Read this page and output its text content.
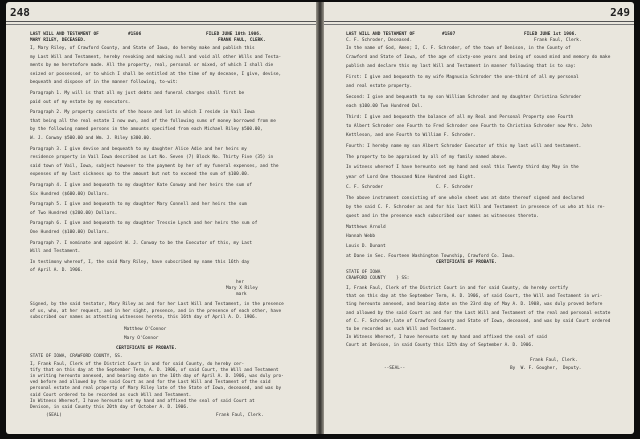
248
LAST WILL AND TESTAMENT OF	#1506	FILED JUNE 10th 1906.
MARY RILEY, DECEASED.	FRANK FAUL, CLERK.
I, Mary Riley, of Crawford County, and State of Iowa, do hereby make and publish this
my Last Will and Testament, hereby revoking and making null and void all other Wills and Testa-
ments by me heretofore made. All the property, real, personal or mixed, of which I shall die
seized or possessed, or to which I shall be entitled at the time of my decease, I give, devise,
bequeath and dispose of in the manner following, to-wit:
Paragraph 1. My will is that all my just debts and funeral charges shall first be
paid out of my estate by my executors.
Paragraph 2. My property consists of the house and lot in which I reside in Vail Iowa
that being all the real estate I now own, and of the following sums of money borrowed from me
by the following named persons in the amounts specified from each Michael Riley $500.00,
W. J. Conway $500.00 and Wm. J. Riley $300.00.
Paragraph 3. I give devise and bequeath to my daughter Alice Adie and her heirs my
residence property in Vail Iowa described as Lot No. Seven (7) Block No. Thirty Five (35) in
said town of Vail, Iowa, subject however to the payment by her of my funeral expenses, and the
expenses of my last sickness up to the amount but not to exceed the sum of $100.00.
Paragraph 4. I give and bequeath to my daughter Kate Conway and her heirs the sum of
Six Hundred ($600.00) Dollars.
Paragraph 5. I give and bequeath to my daughter Mary Connell and her heirs the sum
of Two Hundred ($200.00) Dollars.
Paragraph 6. I give and bequeath to my daughter Tressie Lynch and her heirs the sum of
One Hundred ($100.00) Dollars.
Paragraph 7. I nominate and appoint W. J. Conway to be the Executor of this, my Last
Will and Testament.
In testimony whereof, I, the said Mary Riley, have subscribed my name this 16th day
of April A. D. 1906.
her
Mary X Riley
mark
Signed, by the said testator, Mary Riley as and for her Last Will and Testament, in the presence
of us, who, at her request, and in her sight, presence, and in the presence of each other, have
subscribed our names as attesting witnesses hereto, this 16th day of April A. D. 1906.
Matthew O'Connor
Mary O'Connor
CERTIFICATE OF PROBATE.
STATE OF IOWA, CRAWFORD COUNTY, SS.
I, Frank Faul, Clerk of the District Court in and for said County, do hereby cer-
tify that on this day at the September Term, A. D. 1906, of said Court, the Will and Testament
in writing hereunto annexed, and bearing date on the 16th day of April A. D. 1906, was duly pro-
ved before and allowed by the said Court as and for the Last Will and Testament of the said
personal estate and real property of Mary Riley late of the State of Iowa, deceased, and was by
said Court ordered to be recorded as such Will and Testament.
In Witness Whereof, I have hereunto set my hand and affixed the seal of said Court at
Denison, in said County this 20th day of October A. D. 1906.
(SEAL)	Frank Faul, Clerk.
249
LAST WILL AND TESTAMENT OF	#1507	FILED JUNE 1st 1906.
C. F. Schroder, Deceased.	Frank Faul, Clerk.
In the name of God, Amen; I, C. F. Schroder, of the town of Denison, in the County of
Crawford and State of Iowa, of the age of sixty-one years and being of sound mind and memory do make
publish and declare this my last Will and Testament in manner following that is to say:
First: I give and bequeath to my wife Magnusia Schroder the one-third of all my personal
and real estate property.
Second: I give and bequeath to my son William Schroder and my daughter Christina Schroder
each $100.00 Two Hundred Dol.
Third: I give and bequeath the balance of all my Real and Personal Property one Fourth
to Albert Schroder one Fourth to Fred Schroder one Fourth to Christina Schroder now Mrs. John
Kettleson, and one Fourth to William F. Schroder.
Fourth: I hereby name my son Albert Schroder Executor of this my last will and testament.
The property to be appraised by all of my family named above.
In witness whereof I have hereunto set my hand and seal this Twenty third day May in the
year of Lord One thousand Nine Hundred and Eight.
C. F. Schroder                    C. F. Schroder
The above instrument consisting of one whole sheet was at date thereof signed and declared
by the said C. F. Schroder as and for his last Will and Testament in presence of us who at his re-
quest and in the presence each subscribed our names as witnesses thereto.
Matthews Arnold
Hannah Webb
Louis D. Dunant
at Dane in Sec. Fourteen Washington Township, Crawford Co. Iowa.
CERTIFICATE OF PROBATE.
STATE OF IOWA
CRAWFORD COUNTY    } SS:
I, Frank Faul, Clerk of the District Court in and for said County, do hereby certify
that on this day at the September Term, A. D. 1906, of said Court, the Will and Testament in wri-
ting hereunto annexed, and bearing date on the 23rd day of May A. D. 1908, was duly proved before
and allowed by the said Court as and for the Last Will and Testament of the real and personal estate
of C. F. Schroder,late of Crawford County and State of Iowa, deceased, and was by said Court ordered
to be recorded as such Will and Testament.
In Witness Whereof, I have hereunto set my hand and affixed the seal of said
Court at Denison, in said County this 12th day of September A. D. 1906.
Frank Faul, Clerk.
--SEAL--	By  W. F. Gougher,  Deputy.
